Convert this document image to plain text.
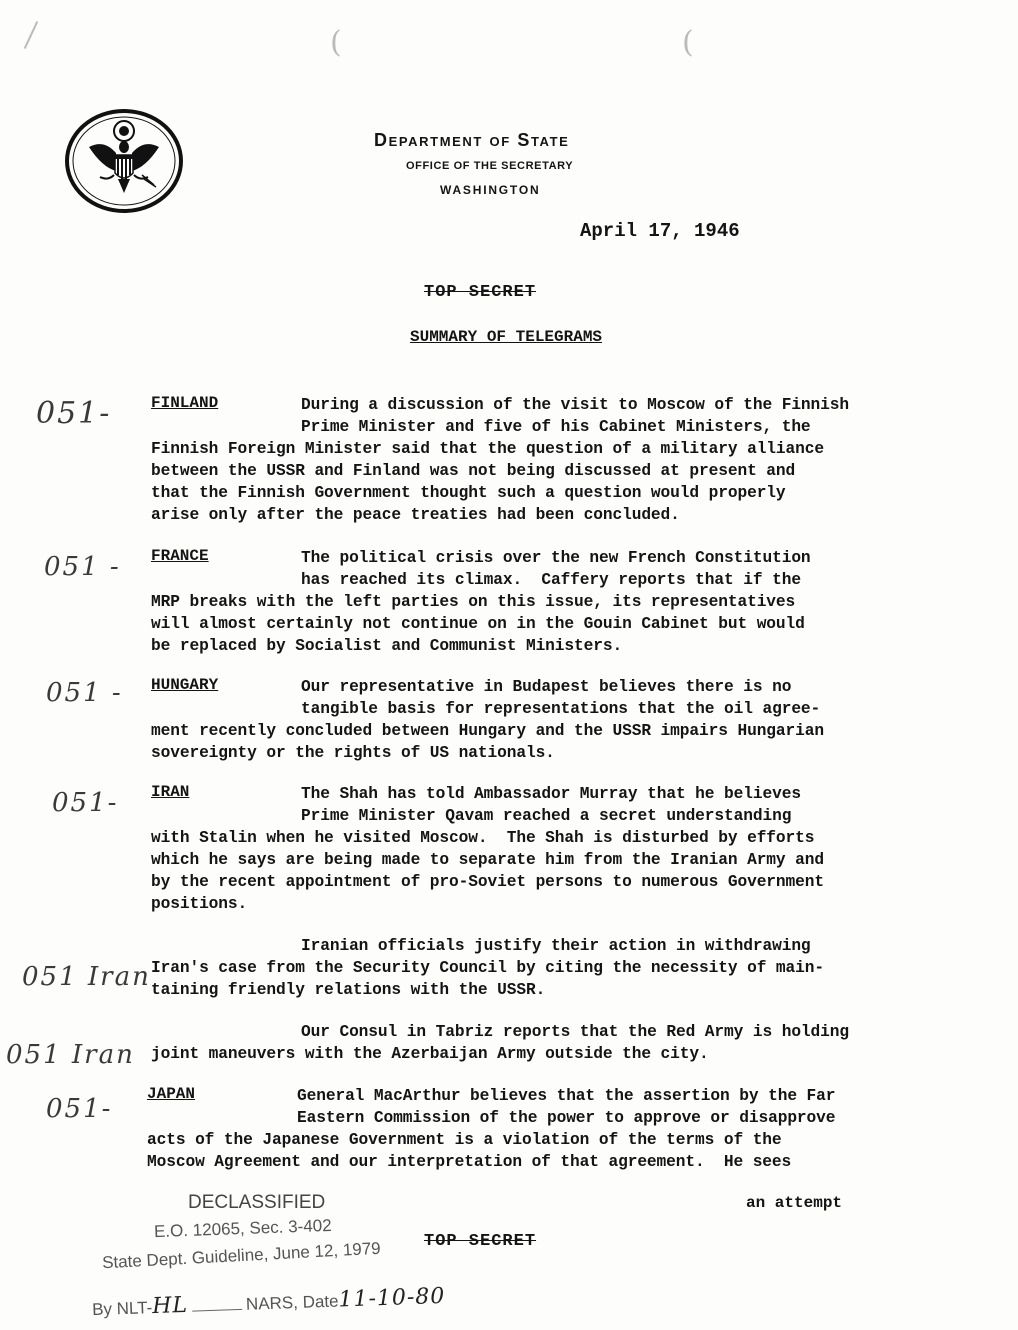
(	(
Department of State
OFFICE OF THE SECRETARY
WASHINGTON
April 17, 1946
TOP SECRET
SUMMARY OF TELEGRAMS
051- FINLAND	During a discussion of the visit to Moscow of the Finnish
Prime Minister and five of his Cabinet Ministers, the
Finnish Foreign Minister said that the question of a military alliance
between the USSR and Finland was not being discussed at present and
that the Finnish Government thought such a question would properly
arise only after the peace treaties had been concluded.
051 - FRANCE	The political crisis over the new French Constitution
has reached its climax.  Caffery reports that if the
MRP breaks with the left parties on this issue, its representatives
will almost certainly not continue on in the Gouin Cabinet but would
be replaced by Socialist and Communist Ministers.
051 - HUNGARY	Our representative in Budapest believes there is no
tangible basis for representations that the oil agree-
ment recently concluded between Hungary and the USSR impairs Hungarian
sovereignty or the rights of US nationals.
051- IRAN	The Shah has told Ambassador Murray that he believes
Prime Minister Qavam reached a secret understanding
with Stalin when he visited Moscow.  The Shah is disturbed by efforts
which he says are being made to separate him from the Iranian Army and
by the recent appointment of pro-Soviet persons to numerous Government
positions.
051 Iran
Iranian officials justify their action in withdrawing
Iran's case from the Security Council by citing the necessity of main-
taining friendly relations with the USSR.
051 Iran
Our Consul in Tabriz reports that the Red Army is holding
joint maneuvers with the Azerbaijan Army outside the city.
051- JAPAN	General MacArthur believes that the assertion by the Far
Eastern Commission of the power to approve or disapprove
acts of the Japanese Government is a violation of the terms of the
Moscow Agreement and our interpretation of that agreement.  He sees
an attempt
DECLASSIFIED
E.O. 12065, Sec. 3-402
State Dept. Guideline, June 12, 1979
By NLT-HL	NARS, Date11-10-80
TOP SECRET
